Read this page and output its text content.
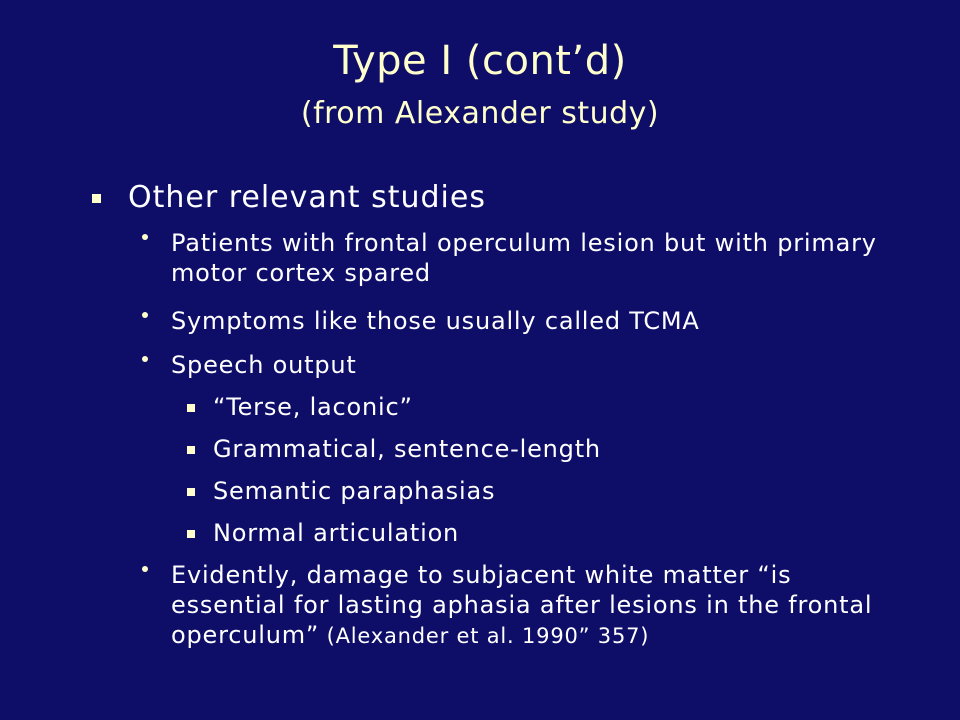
Type I (cont’d)
(from Alexander study)
Other relevant studies
Patients with frontal operculum lesion but with primary motor cortex spared
Symptoms like those usually called TCMA
Speech output
“Terse, laconic”
Grammatical, sentence-length
Semantic paraphasias
Normal articulation
Evidently, damage to subjacent white matter “is essential for lasting aphasia after lesions in the frontal operculum” (Alexander et al. 1990” 357)
